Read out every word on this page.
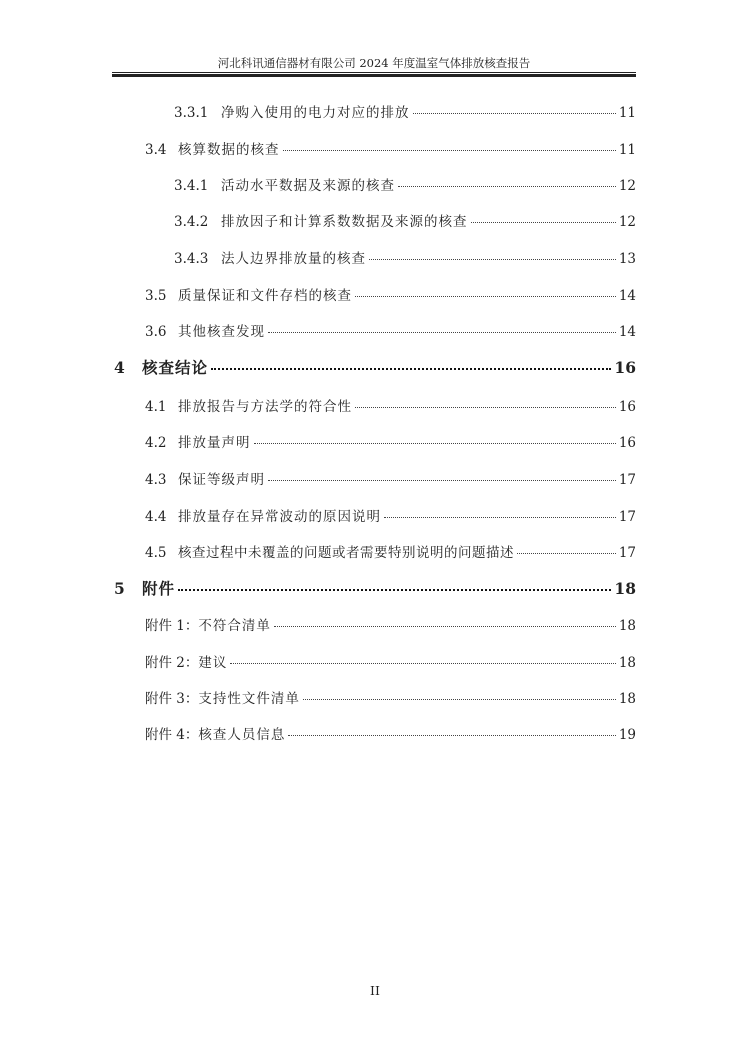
河北科讯通信器材有限公司 2024 年度温室气体排放核查报告
3.3.1 净购入使用的电力对应的排放	11
3.4 核算数据的核查	11
3.4.1 活动水平数据及来源的核查	12
3.4.2 排放因子和计算系数数据及来源的核查	12
3.4.3 法人边界排放量的核查	13
3.5 质量保证和文件存档的核查	14
3.6 其他核查发现	14
4	核查结论	16
4.1 排放报告与方法学的符合性	16
4.2 排放量声明	16
4.3 保证等级声明	17
4.4 排放量存在异常波动的原因说明	17
4.5 核查过程中未覆盖的问题或者需要特别说明的问题描述	17
5	附件	18
附件 1： 不符合清单	18
附件 2： 建议	18
附件 3： 支持性文件清单	18
附件 4： 核查人员信息	19
II
